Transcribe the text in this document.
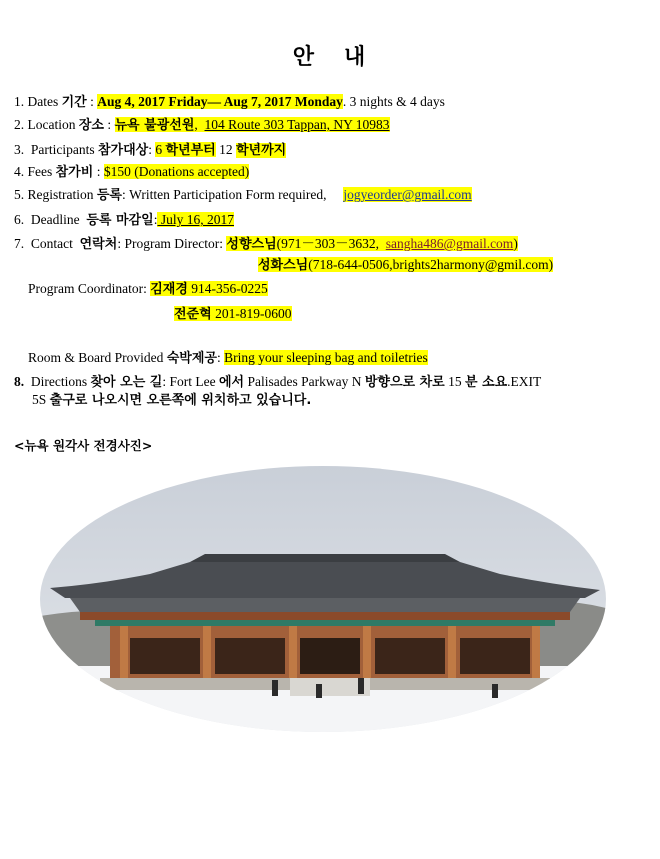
안 내
1. Dates 기간 : Aug 4, 2017 Friday— Aug 7, 2017 Monday. 3 nights & 4 days
2. Location 장소 : 뉴욕 불광선원, 104 Route 303 Tappan, NY 10983
3. Participants 참가대상: 6 학년부터 12 학년까지
4. Fees 참가비 : $150 (Donations accepted)
5. Registration 등록: Written Participation Form required, jogyeorder@gmail.com
6. Deadline 등록 마감일: July 16, 2017
7. Contact 연락처: Program Director: 성향스님(971－303－3632, sangha486@gmail.com)
성화스님(718-644-0506,brights2harmony@gmil.com)
Program Coordinator: 김재경 914-356-0225
전준혁 201-819-0600
Room & Board Provided 숙박제공: Bring your sleeping bag and toiletries
8. Directions 찾아 오는 길: Fort Lee 에서 Palisades Parkway N 방향으로 차로 15 분 소요.EXIT
5S 출구로 나오시면 오른쪽에 위치하고 있습니다.
<뉴욕 원각사 전경사진>
